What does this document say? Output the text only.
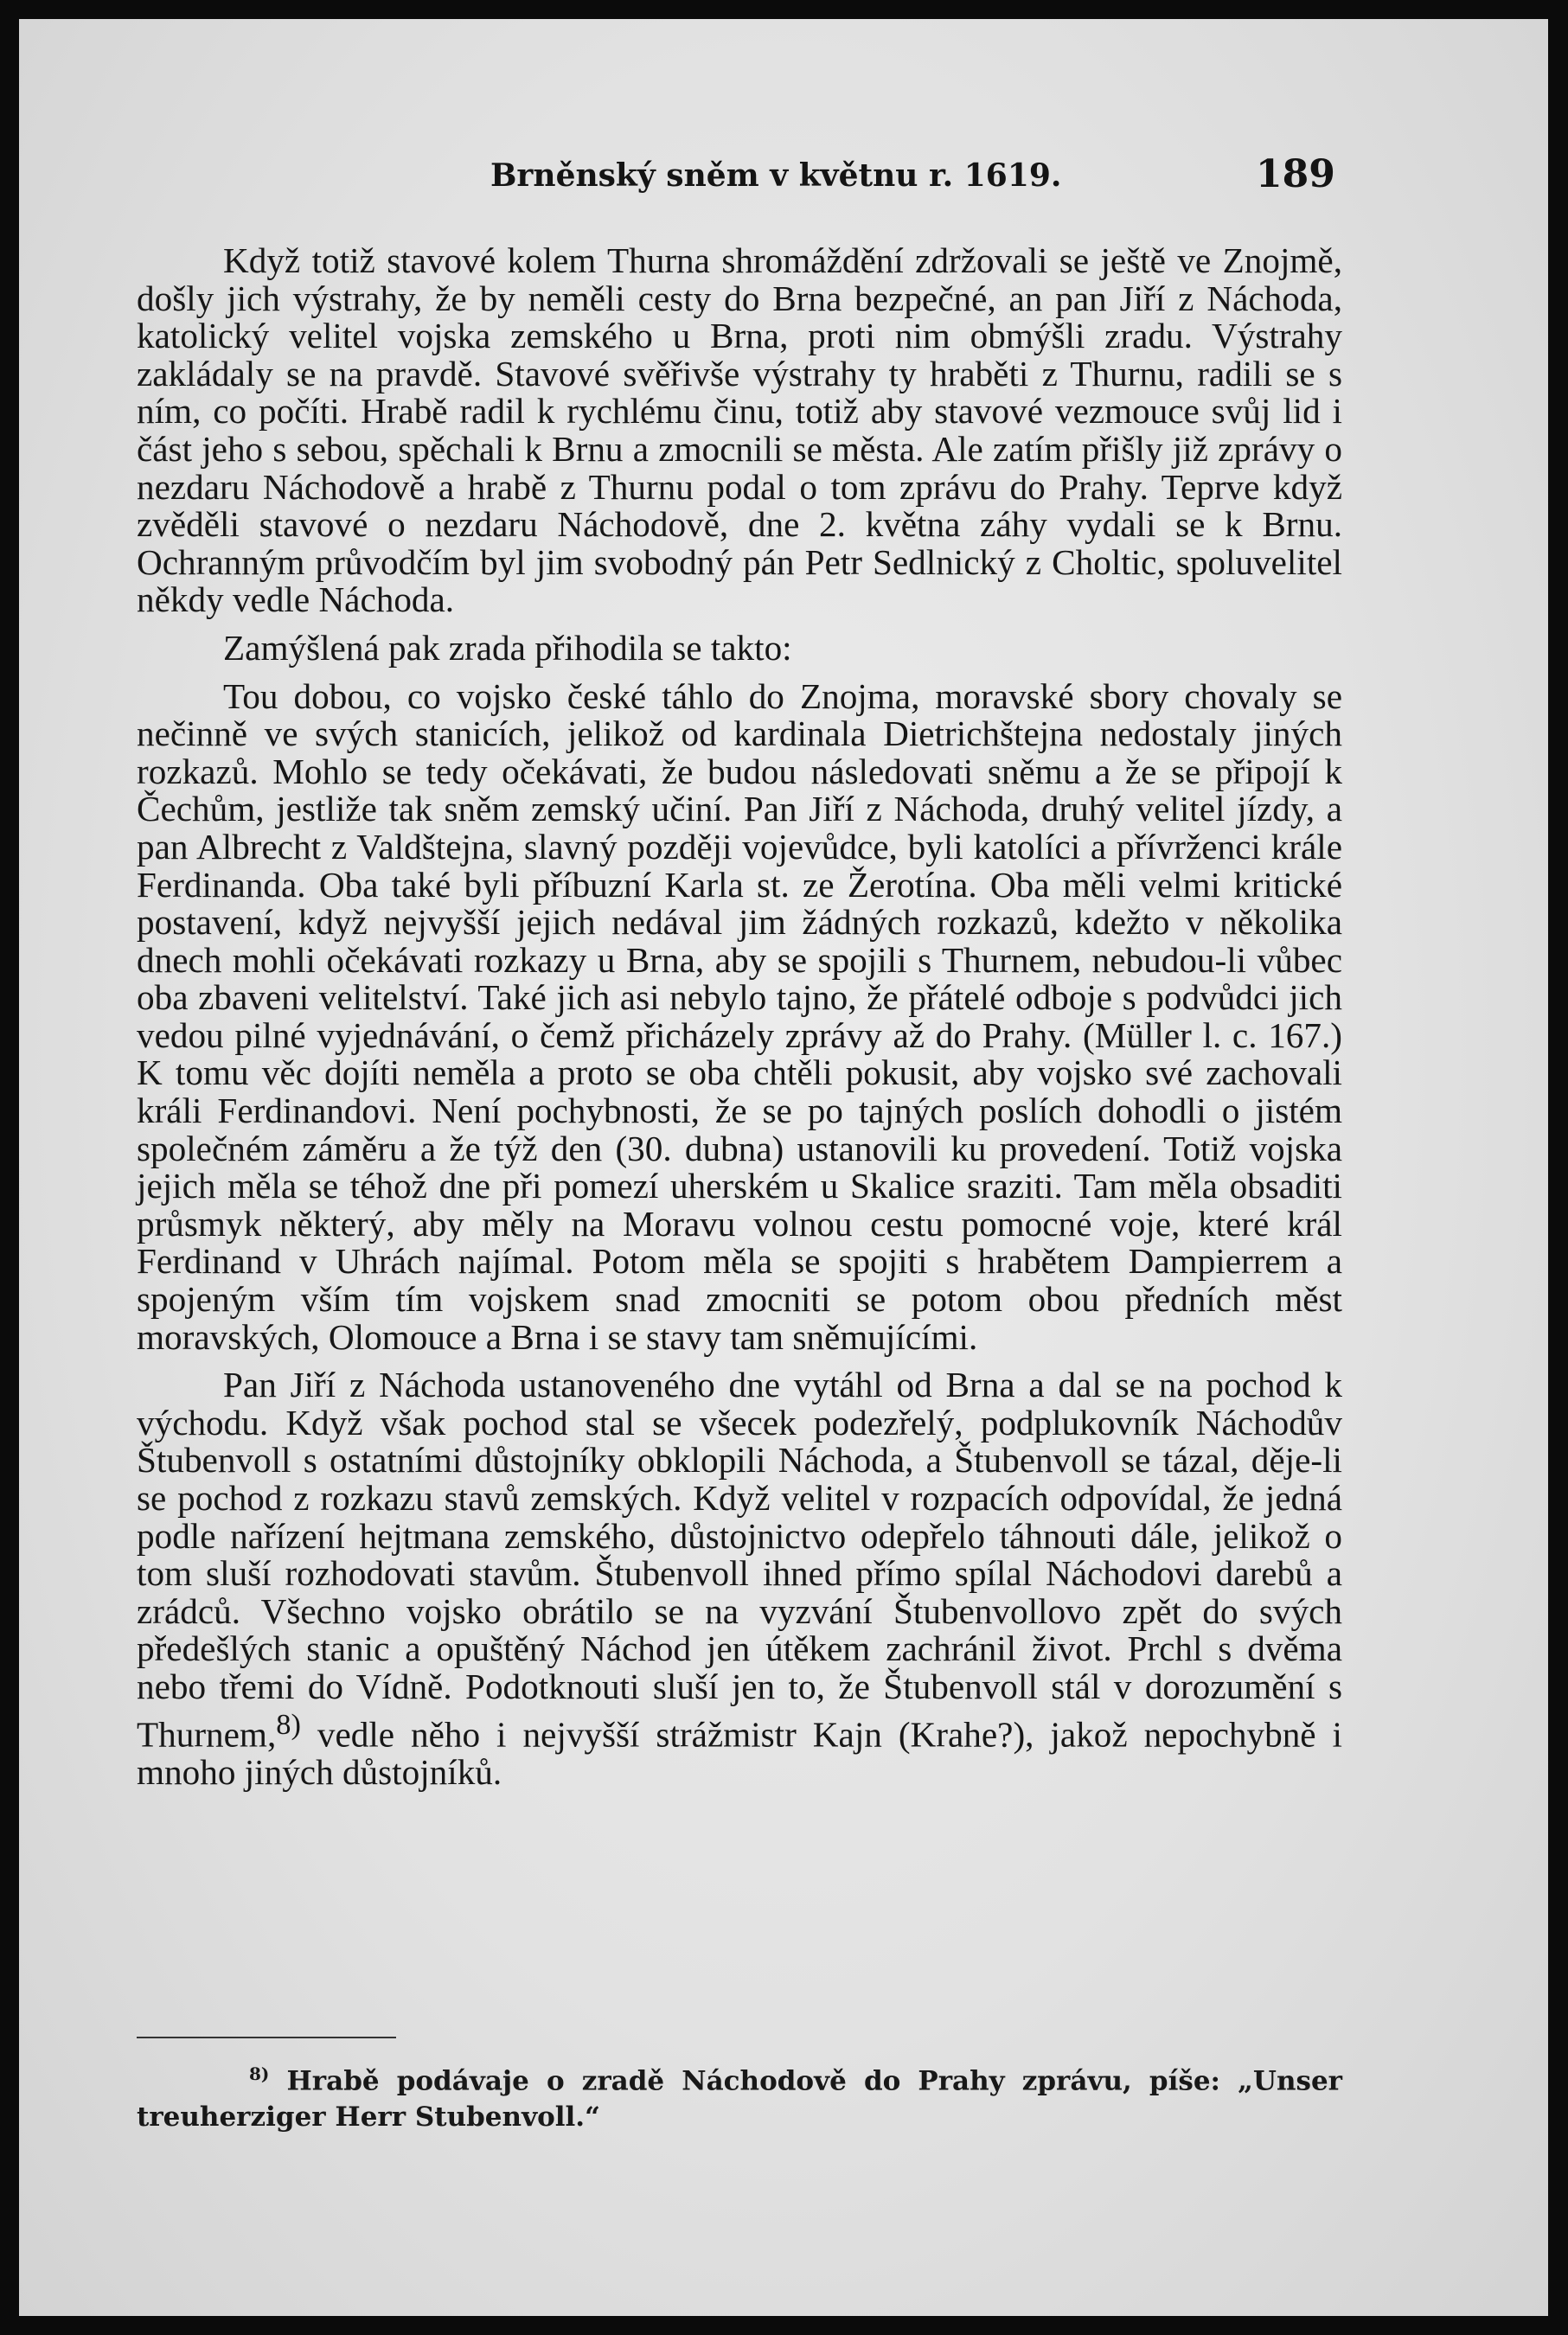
Brněnský sněm v květnu r. 1619.	189

Když totiž stavové kolem Thurna shromáždění zdržovali se ještě ve Znojmě, došly jich výstrahy, že by neměli cesty do Brna bezpečné, an pan Jiří z Náchoda, katolický velitel vojska zemského u Brna, proti nim obmýšli zradu. Výstrahy zakládaly se na pravdě. Stavové svěřivše výstrahy ty hraběti z Thurnu, radili se s ním, co počíti. Hrabě radil k rychlému činu, totiž aby stavové vezmouce svůj lid i část jeho s sebou, spěchali k Brnu a zmocnili se města. Ale zatím přišly již zprávy o nezdaru Náchodově a hrabě z Thurnu podal o tom zprávu do Prahy. Teprve když zvěděli stavové o nezdaru Náchodově, dne 2. května záhy vydali se k Brnu. Ochranným průvodčím byl jim svobodný pán Petr Sedlnický z Choltic, spoluvelitel někdy vedle Náchoda.

Zamýšlená pak zrada přihodila se takto:

Tou dobou, co vojsko české táhlo do Znojma, moravské sbory chovaly se nečinně ve svých stanicích, jelikož od kardinala Dietrichštejna nedostaly jiných rozkazů. Mohlo se tedy očekávati, že budou následovati sněmu a že se připojí k Čechům, jestliže tak sněm zemský učiní. Pan Jiří z Náchoda, druhý velitel jízdy, a pan Albrecht z Valdštejna, slavný později vojevůdce, byli katolíci a přívrženci krále Ferdinanda. Oba také byli příbuzní Karla st. ze Žerotína. Oba měli velmi kritické postavení, když nejvyšší jejich nedával jim žádných rozkazů, kdežto v několika dnech mohli očekávati rozkazy u Brna, aby se spojili s Thurnem, nebudou-li vůbec oba zbaveni velitelství. Také jich asi nebylo tajno, že přátelé odboje s podvůdci jich vedou pilné vyjednávání, o čemž přicházely zprávy až do Prahy. (Müller l. c. 167.) K tomu věc dojíti neměla a proto se oba chtěli pokusit, aby vojsko své zachovali králi Ferdinandovi. Není pochybnosti, že se po tajných poslích dohodli o jistém společném záměru a že týž den (30. dubna) ustanovili ku provedení. Totiž vojska jejich měla se téhož dne při pomezí uherském u Skalice sraziti. Tam měla obsaditi průsmyk některý, aby měly na Moravu volnou cestu pomocné voje, které král Ferdinand v Uhrách najímal. Potom měla se spojiti s hrabětem Dampierrem a spojeným vším tím vojskem snad zmocniti se potom obou předních měst moravských, Olomouce a Brna i se stavy tam sněmujícími.

Pan Jiří z Náchoda ustanoveného dne vytáhl od Brna a dal se na pochod k východu. Když však pochod stal se všecek podezřelý, podplukovník Náchodův Štubenvoll s ostatními důstojníky obklopili Náchoda, a Štubenvoll se tázal, děje-li se pochod z rozkazu stavů zemských. Když velitel v rozpacích odpovídal, že jedná podle nařízení hejtmana zemského, důstojnictvo odepřelo táhnouti dále, jelikož o tom sluší rozhodovati stavům. Štubenvoll ihned přímo spílal Náchodovi darebů a zrádců. Všechno vojsko obrátilo se na vyzvání Štubenvollovo zpět do svých předešlých stanic a opuštěný Náchod jen útěkem zachránil život. Prchl s dvěma nebo třemi do Vídně. Podotknouti sluší jen to, že Štubenvoll stál v dorozumění s Thurnem,$^{8)}$ vedle něho i nejvyšší strážmistr Kajn (Krahe?), jakož nepochybně i mnoho jiných důstojníků.

$^{8)}$ Hrabě podávaje o zradě Náchodově do Prahy zprávu, píše: „Unser treuherziger Herr Stubenvoll.“
